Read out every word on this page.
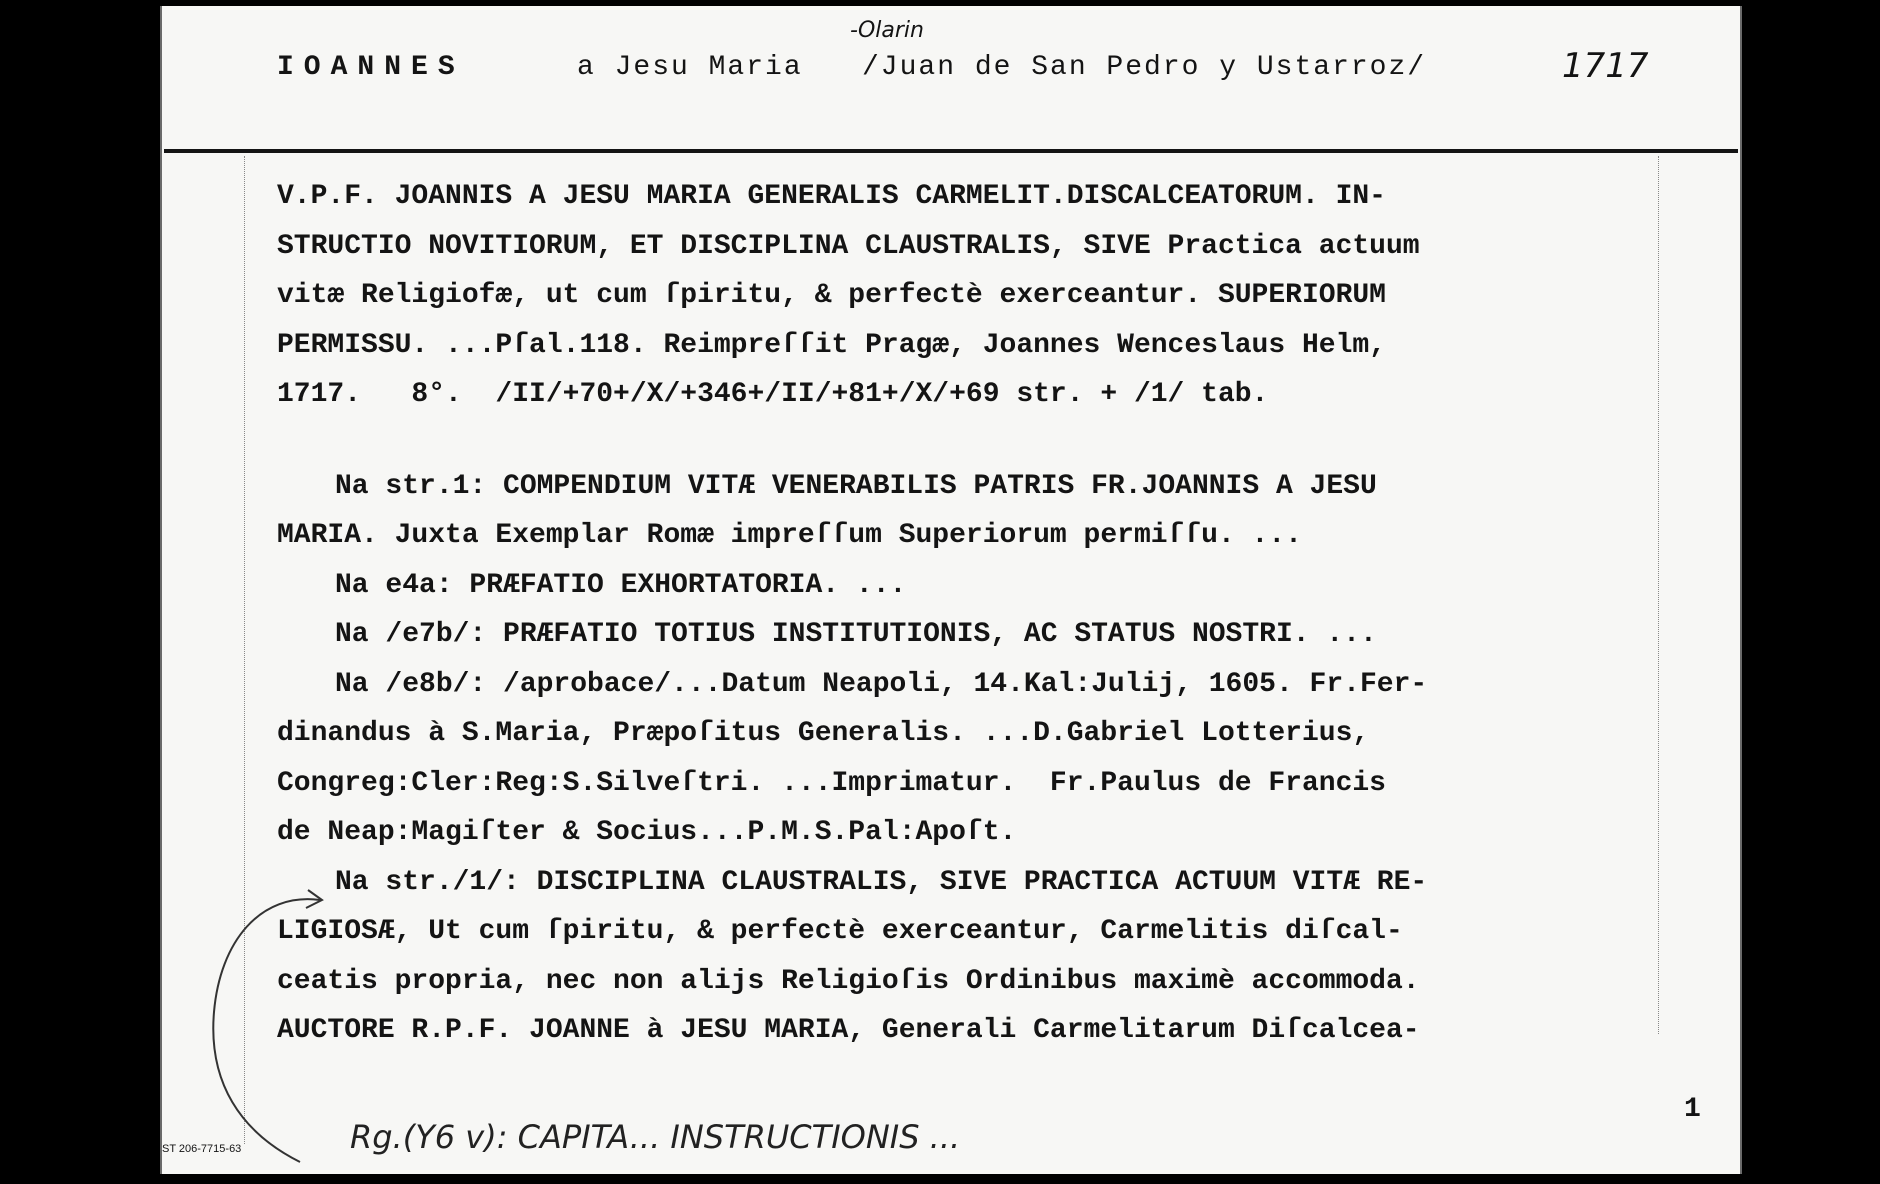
IOANNES	a Jesu Maria /Juan de San Pedro y Ustarroz/
-Olarin
1717

V.P.F. JOANNIS A JESU MARIA GENERALIS CARMELIT.DISCALCEATORUM. IN-

STRUCTIO NOVITIORUM, ET DISCIPLINA CLAUSTRALIS, SIVE Practica actuum

vitæ Religiofæ, ut cum ſpiritu, & perfectè exerceantur. SUPERIORUM

PERMISSU. ...Pſal.118. Reimpreſſit Pragæ, Joannes Wenceslaus Helm,

1717.   8°.  /II/+70+/X/+346+/II/+81+/X/+69 str. + /1/ tab.

Na str.1: COMPENDIUM VITÆ VENERABILIS PATRIS FR.JOANNIS A JESU

MARIA. Juxta Exemplar Romæ impreſſum Superiorum permiſſu. ...

Na e4a: PRÆFATIO EXHORTATORIA. ...

Na /e7b/: PRÆFATIO TOTIUS INSTITUTIONIS, AC STATUS NOSTRI. ...

Na /e8b/: /aprobace/...Datum Neapoli, 14.Kal:Julij, 1605. Fr.Fer-

dinandus à S.Maria, Præpoſitus Generalis. ...D.Gabriel Lotterius,

Congreg:Cler:Reg:S.Silveſtri. ...Imprimatur.  Fr.Paulus de Francis

de Neap:Magiſter & Socius...P.M.S.Pal:Apoſt.

Na str./1/: DISCIPLINA CLAUSTRALIS, SIVE PRACTICA ACTUUM VITÆ RE-

LIGIOSÆ, Ut cum ſpiritu, & perfectè exerceantur, Carmelitis diſcal-

ceatis propria, nec non alijs Religioſis Ordinibus maximè accommoda.

AUCTORE R.P.F. JOANNE à JESU MARIA, Generali Carmelitarum Diſcalcea-

1
ST 206-7715-63	Rg.(Y6 v): CAPITA... INSTRUCTIONIS ...
